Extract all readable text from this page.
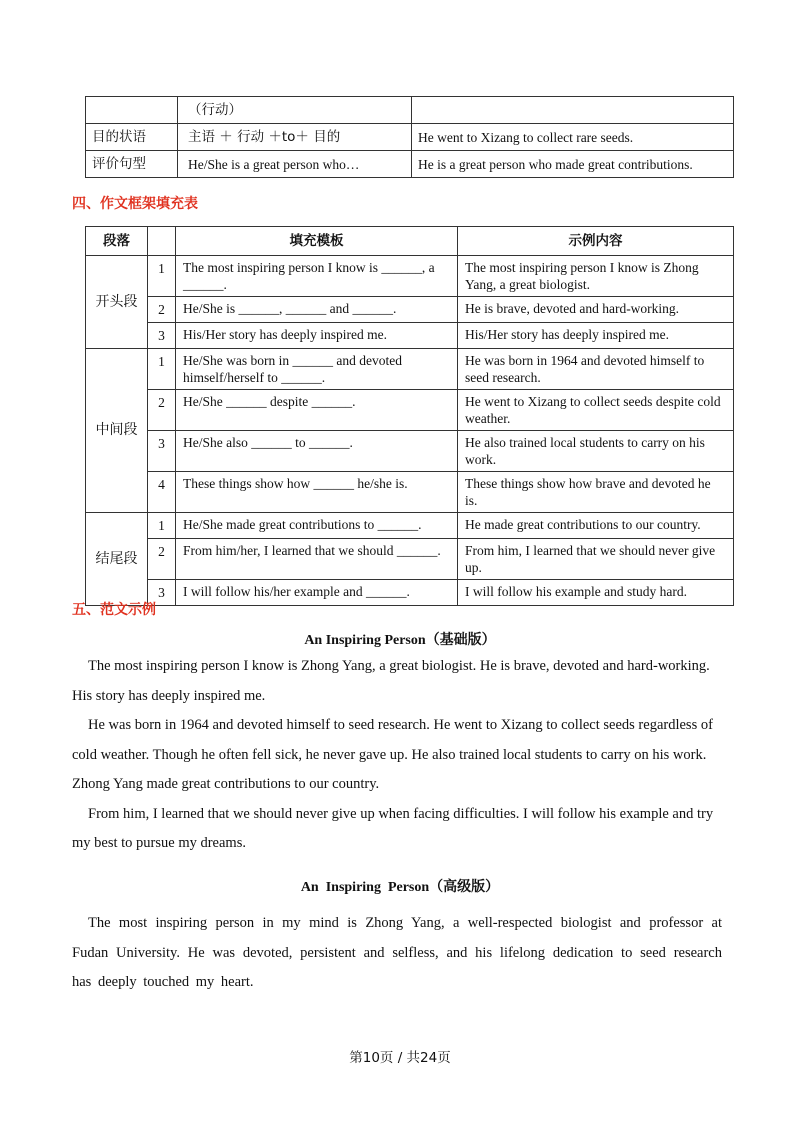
	（行动）	
目的状语	主语 ＋ 行动 ＋to＋ 目的	He went to Xizang to collect rare seeds.
评价句型	He/She is a great person who…	He is a great person who made great contributions.
四、作文框架填充表
段落		填充模板	示例内容
开头段	1	The most inspiring person I know is ______, a ______.	The most inspiring person I know is Zhong Yang, a great biologist.
	2	He/She is ______, ______ and ______.	He is brave, devoted and hard-working.
	3	His/Her story has deeply inspired me.	His/Her story has deeply inspired me.
中间段	1	He/She was born in ______ and devoted himself/herself to ______.	He was born in 1964 and devoted himself to seed research.
	2	He/She ______ despite ______.	He went to Xizang to collect seeds despite cold weather.
	3	He/She also ______ to ______.	He also trained local students to carry on his work.
	4	These things show how ______ he/she is.	These things show how brave and devoted he is.
结尾段	1	He/She made great contributions to ______.	He made great contributions to our country.
	2	From him/her, I learned that we should ______.	From him, I learned that we should never give up.
	3	I will follow his/her example and ______.	I will follow his example and study hard.
五、范文示例
An Inspiring Person（基础版）

The most inspiring person I know is Zhong Yang, a great biologist. He is brave, devoted and hard-working. His story has deeply inspired me.

He was born in 1964 and devoted himself to seed research. He went to Xizang to collect seeds regardless of cold weather. Though he often fell sick, he never gave up. He also trained local students to carry on his work. Zhong Yang made great contributions to our country.

From him, I learned that we should never give up when facing difficulties. I will follow his example and try my best to pursue my dreams.

An  Inspiring  Person（高级版）

The most inspiring person in my mind is Zhong Yang, a well-respected biologist and professor at Fudan University. He was devoted, persistent and selfless, and his lifelong dedication to seed research has deeply touched my heart.

第10页 / 共24页
